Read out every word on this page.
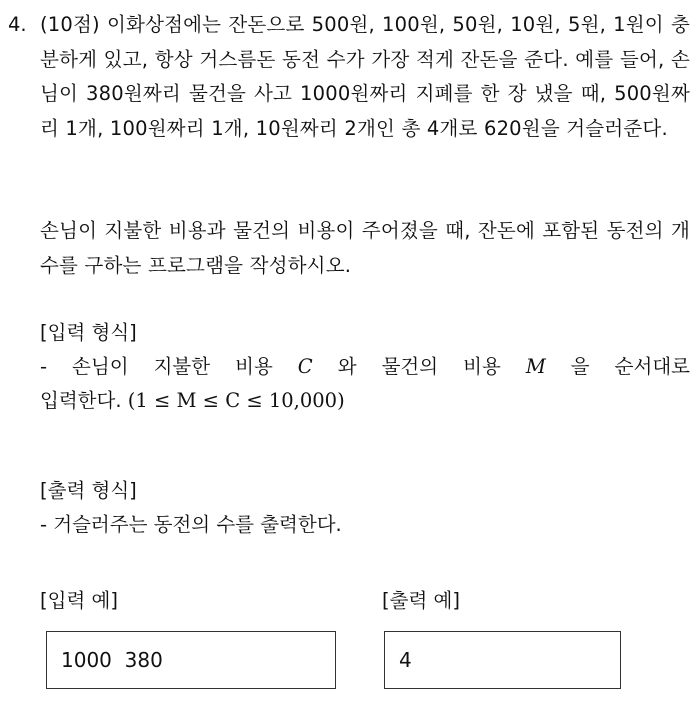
4. (10점) 이화상점에는 잔돈으로 500원, 100원, 50원, 10원, 5원, 1원이 충분하게 있고, 항상 거스름돈 동전 수가 가장 적게 잔돈을 준다. 예를 들어, 손님이 380원짜리 물건을 사고 1000원짜리 지폐를 한 장 냈을 때, 500원짜리 1개, 100원짜리 1개, 10원짜리 2개인 총 4개로 620원을 거슬러준다.
손님이 지불한 비용과 물건의 비용이 주어졌을 때, 잔돈에 포함된 동전의 개수를 구하는 프로그램을 작성하시오.
[입력 형식]
- 손님이 지불한 비용 C 와 물건의 비용 M 을 순서대로
입력한다. (1 ≤ M ≤ C ≤ 10,000)
[출력 형식]
- 거슬러주는 동전의 수를 출력한다.
[입력 예]	[출력 예]
1000  380	4
